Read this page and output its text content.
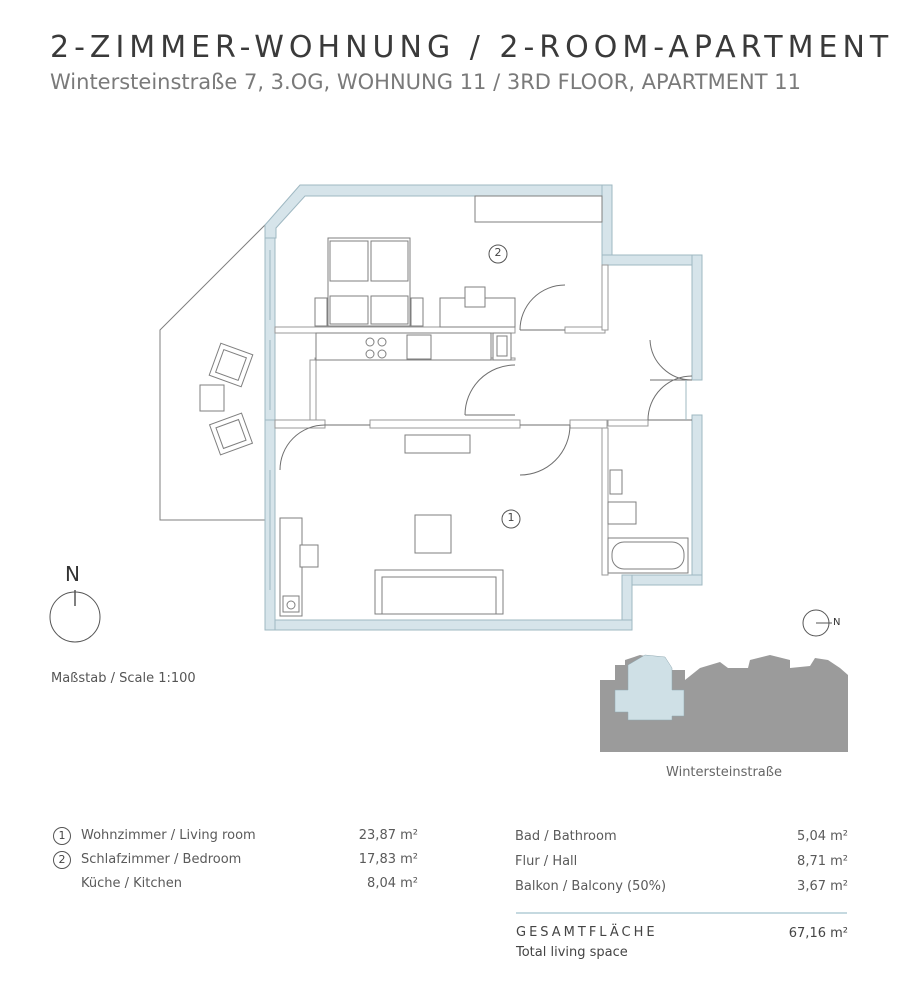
2-ZIMMER-WOHNUNG / 2-ROOM-APARTMENT
Wintersteinstraße 7, 3.OG, WOHNUNG 11 / 3RD FLOOR, APARTMENT 11
2
1
N
N
Maßstab / Scale 1:100
Wintersteinstraße
1	Wohnzimmer / Living room	23,87 m²
2	Schlafzimmer / Bedroom	17,83 m²
Küche / Kitchen	8,04 m²
Bad / Bathroom	5,04 m²
Flur / Hall	8,71 m²
Balkon / Balcony (50%)	3,67 m²
GESAMTFLÄCHE
Total living space
67,16 m²
